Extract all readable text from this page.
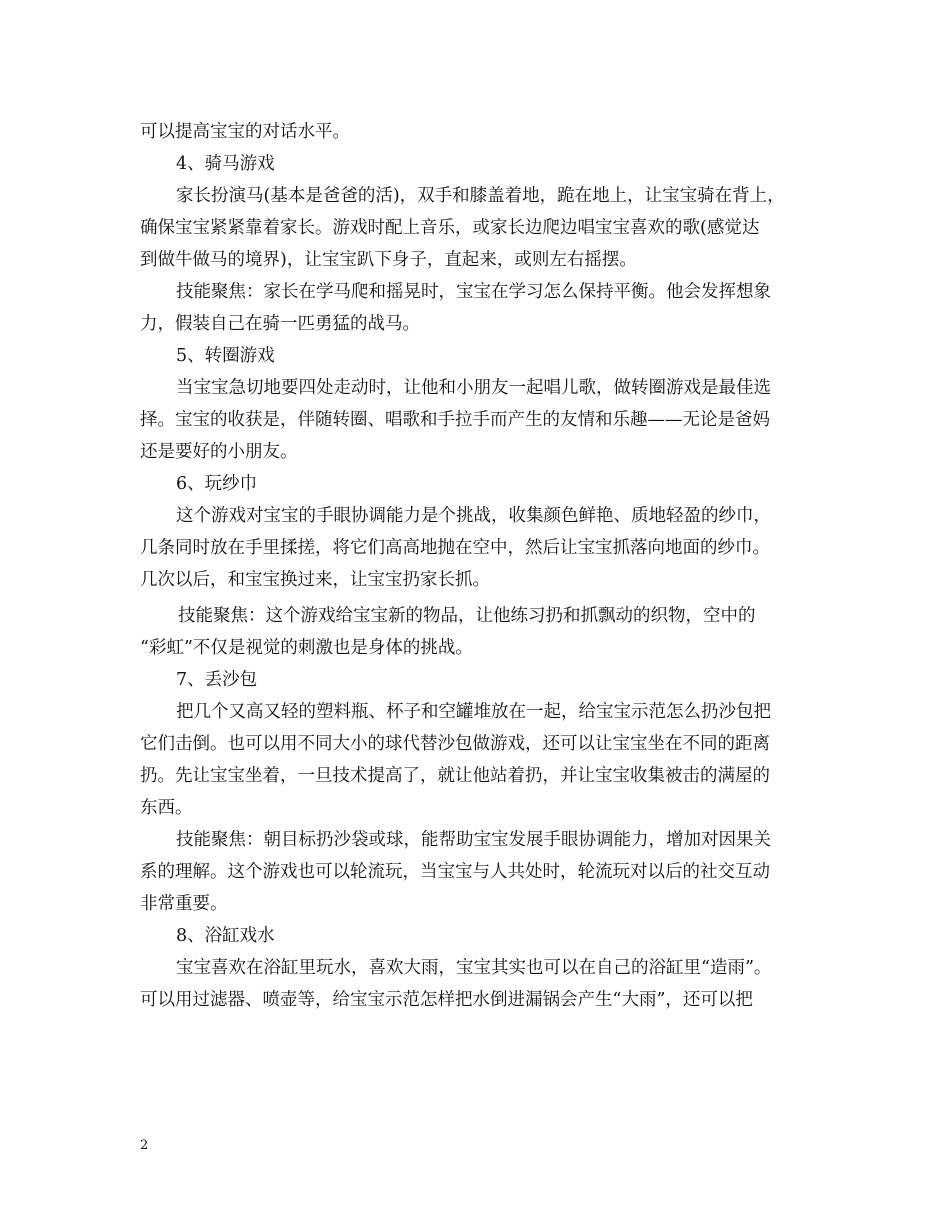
可以提高宝宝的对话水平。
4、骑马游戏
家长扮演马(基本是爸爸的活)，双手和膝盖着地，跪在地上，让宝宝骑在背上，
确保宝宝紧紧靠着家长。游戏时配上音乐，或家长边爬边唱宝宝喜欢的歌(感觉达
到做牛做马的境界)，让宝宝趴下身子，直起来，或则左右摇摆。
技能聚焦：家长在学马爬和摇晃时，宝宝在学习怎么保持平衡。他会发挥想象
力，假装自己在骑一匹勇猛的战马。
5、转圈游戏
当宝宝急切地要四处走动时，让他和小朋友一起唱儿歌，做转圈游戏是最佳选
择。宝宝的收获是，伴随转圈、唱歌和手拉手而产生的友情和乐趣——无论是爸妈
还是要好的小朋友。
6、玩纱巾
这个游戏对宝宝的手眼协调能力是个挑战，收集颜色鲜艳、质地轻盈的纱巾，
几条同时放在手里揉搓，将它们高高地抛在空中，然后让宝宝抓落向地面的纱巾。
几次以后，和宝宝换过来，让宝宝扔家长抓。
技能聚焦：这个游戏给宝宝新的物品，让他练习扔和抓飘动的织物，空中的
“彩虹”不仅是视觉的刺激也是身体的挑战。
7、丢沙包
把几个又高又轻的塑料瓶、杯子和空罐堆放在一起，给宝宝示范怎么扔沙包把
它们击倒。也可以用不同大小的球代替沙包做游戏，还可以让宝宝坐在不同的距离
扔。先让宝宝坐着，一旦技术提高了，就让他站着扔，并让宝宝收集被击的满屋的
东西。
技能聚焦：朝目标扔沙袋或球，能帮助宝宝发展手眼协调能力，增加对因果关
系的理解。这个游戏也可以轮流玩，当宝宝与人共处时，轮流玩对以后的社交互动
非常重要。
8、浴缸戏水
宝宝喜欢在浴缸里玩水，喜欢大雨，宝宝其实也可以在自己的浴缸里“造雨”。
可以用过滤器、喷壶等，给宝宝示范怎样把水倒进漏锅会产生“大雨”，还可以把
2
